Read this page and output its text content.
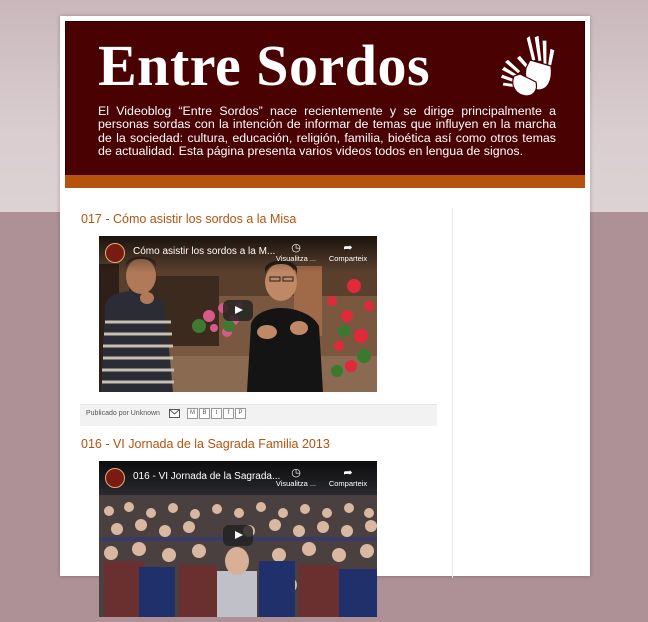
Entre Sordos

El Videoblog “Entre Sordos” nace recientemente y se dirige principalmente a personas sordas con la intención de informar de temas que influyen en la marcha de la sociedad: cultura, educación, religión, familia, bioética así como otros temas de actualidad. Esta página presenta varios videos todos en lengua de signos.

017 - Cómo asistir los sordos a la Misa
Cómo asistir los sordos a la M...	◷
Visualitza ...
➦
Comparteix
Publicado por Unknown	M B t f P
016 - VI Jornada de la Sagrada Familia 2013
016 - VI Jornada de la Sagrada... ◷
Visualitza ...
➦
Comparteix
